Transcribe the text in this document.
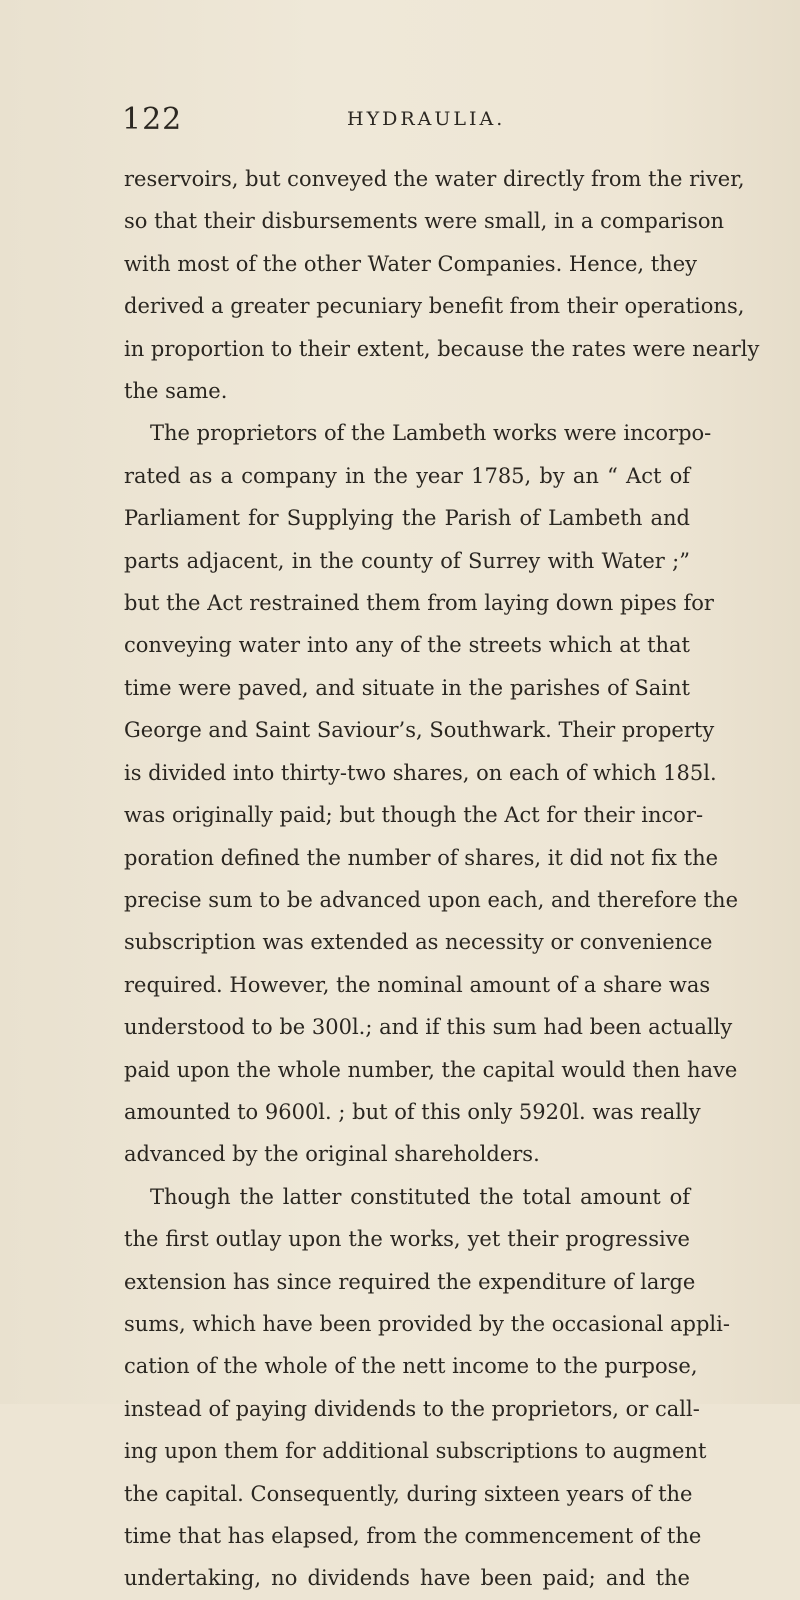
122	HYDRAULIA.
reservoirs, but conveyed the water directly from the river,
so that their disbursements were small, in a comparison
with most of the other Water Companies. Hence, they
derived a greater pecuniary benefit from their operations,
in proportion to their extent, because the rates were nearly
the same.
The proprietors of the Lambeth works were incorpo-
rated as a company in the year 1785, by an “ Act of
Parliament for Supplying the Parish of Lambeth and
parts adjacent, in the county of Surrey with Water ;”
but the Act restrained them from laying down pipes for
conveying water into any of the streets which at that
time were paved, and situate in the parishes of Saint
George and Saint Saviour’s, Southwark. Their property
is divided into thirty-two shares, on each of which 185l.
was originally paid; but though the Act for their incor-
poration defined the number of shares, it did not fix the
precise sum to be advanced upon each, and therefore the
subscription was extended as necessity or convenience
required. However, the nominal amount of a share was
understood to be 300l.; and if this sum had been actually
paid upon the whole number, the capital would then have
amounted to 9600l. ; but of this only 5920l. was really
advanced by the original shareholders.
Though the latter constituted the total amount of
the first outlay upon the works, yet their progressive
extension has since required the expenditure of large
sums, which have been provided by the occasional appli-
cation of the whole of the nett income to the purpose,
instead of paying dividends to the proprietors, or call-
ing upon them for additional subscriptions to augment
the capital. Consequently, during sixteen years of the
time that has elapsed, from the commencement of the
undertaking, no dividends have been paid; and the
